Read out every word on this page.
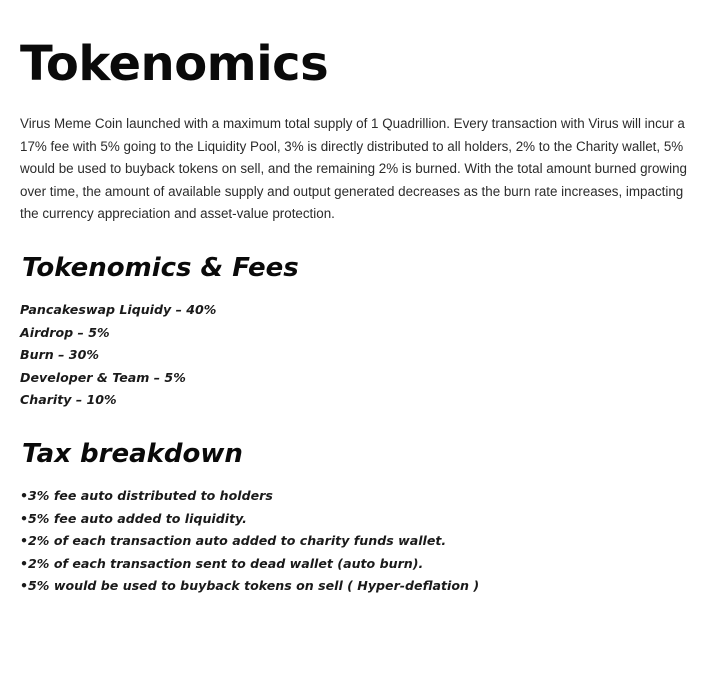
Tokenomics

Virus Meme Coin launched with a maximum total supply of 1 Quadrillion. Every transaction with Virus will incur a 17% fee with 5% going to the Liquidity Pool, 3% is directly distributed to all holders, 2% to the Charity wallet, 5% would be used to buyback tokens on sell, and the remaining 2% is burned. With the total amount burned growing over time, the amount of available supply and output generated decreases as the burn rate increases, impacting the currency appreciation and asset-value protection.

Tokenomics & Fees
Pancakeswap Liquidy – 40%
Airdrop – 5%
Burn – 30%
Developer & Team – 5%
Charity – 10%
Tax breakdown
•3% fee auto distributed to holders
•5% fee auto added to liquidity.
•2% of each transaction auto added to charity funds wallet.
•2% of each transaction sent to dead wallet (auto burn).
•5% would be used to buyback tokens on sell ( Hyper-deflation )
